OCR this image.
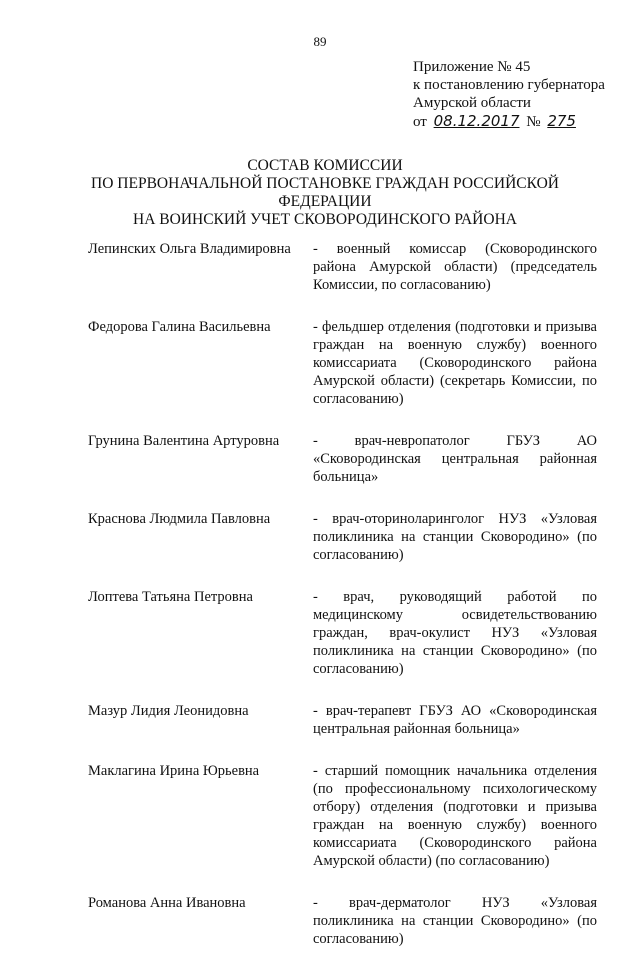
89
Приложение № 45
к постановлению губернатора
Амурской области
от 08.12.2017 № 275
СОСТАВ КОМИССИИ
ПО ПЕРВОНАЧАЛЬНОЙ ПОСТАНОВКЕ ГРАЖДАН РОССИЙСКОЙ ФЕДЕРАЦИИ
НА ВОИНСКИЙ УЧЕТ СКОВОРОДИНСКОГО РАЙОНА
Лепинских Ольга Владимировна	- военный комиссар (Сковородинского района Амурской области) (председатель Комиссии, по согласованию)
Федорова Галина Васильевна	- фельдшер отделения (подготовки и призыва граждан на военную службу) военного комиссариата (Сковородинского района Амурской области) (секретарь Комиссии, по согласованию)
Грунина Валентина Артуровна	- врач-невропатолог ГБУЗ АО «Сковородинская центральная районная больница»
Краснова Людмила Павловна	- врач-оториноларинголог НУЗ «Узловая поликлиника на станции Сковородино» (по согласованию)
Лоптева Татьяна Петровна	- врач, руководящий работой по медицинскому освидетельствованию граждан, врач-окулист НУЗ «Узловая поликлиника на станции Сковородино» (по согласованию)
Мазур Лидия Леонидовна	- врач-терапевт ГБУЗ АО «Сковородинская центральная районная больница»
Маклагина Ирина Юрьевна	- старший помощник начальника отделения (по профессиональному психологическому отбору) отделения (подготовки и призыва граждан на военную службу) военного комиссариата (Сковородинского района Амурской области) (по согласованию)
Романова Анна Ивановна	- врач-дерматолог НУЗ «Узловая поликлиника на станции Сковородино» (по согласованию)
